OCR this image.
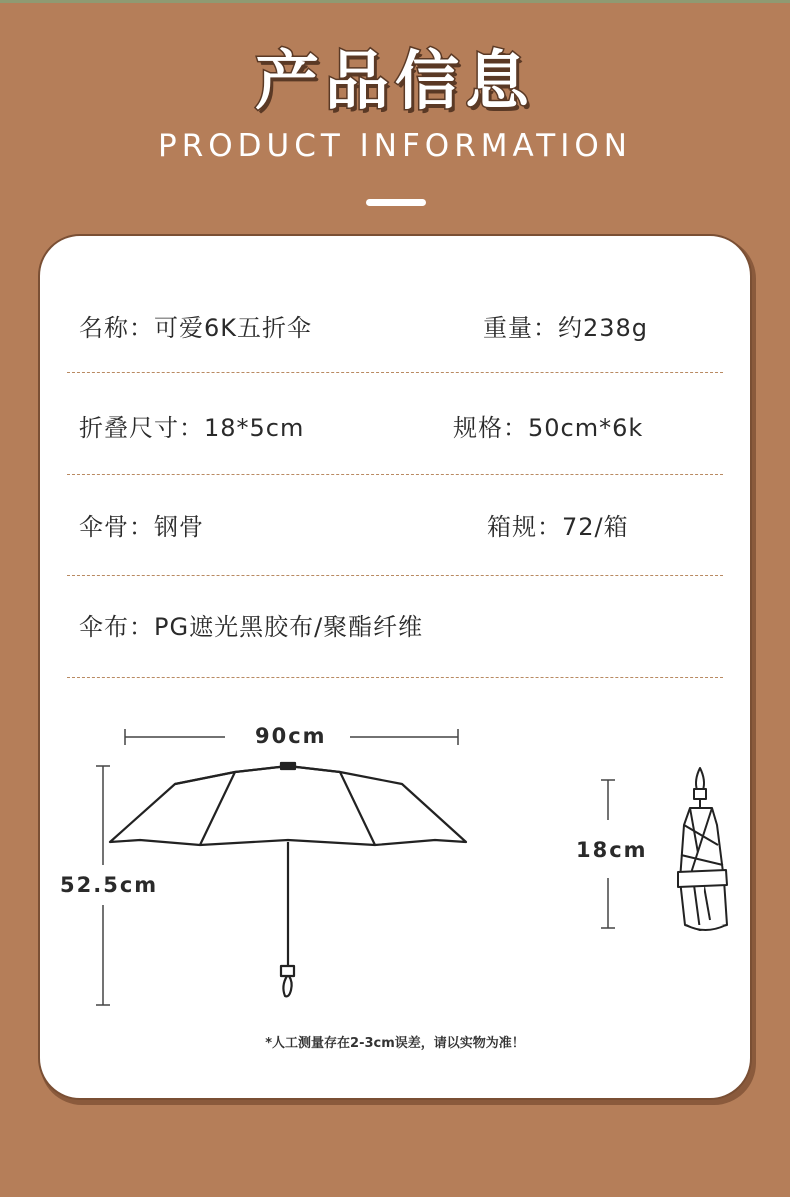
产品信息
PRODUCT INFORMATION
名称：可爱6K五折伞	重量：约238g
折叠尺寸：18*5cm	规格：50cm*6k
伞骨：钢骨	箱规：72/箱
伞布：PG遮光黑胶布/聚酯纤维
90cm
52.5cm
18cm
*人工测量存在2-3cm误差，请以实物为准！
